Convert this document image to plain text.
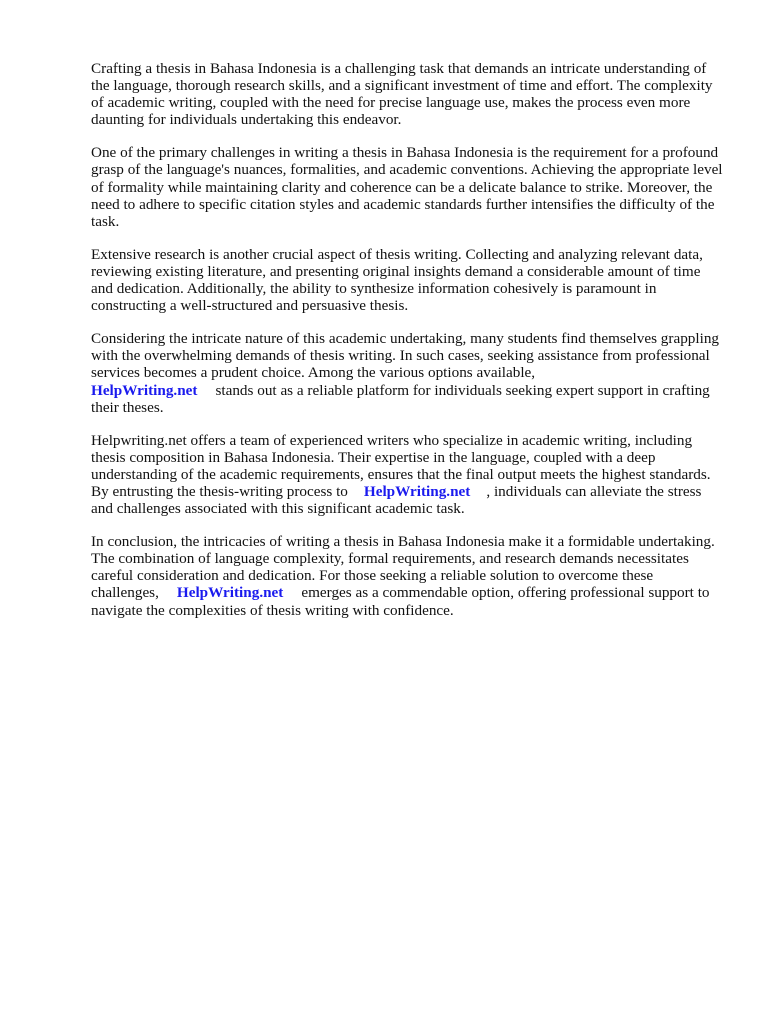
Crafting a thesis in Bahasa Indonesia is a challenging task that demands an intricate understanding of the language, thorough research skills, and a significant investment of time and effort. The complexity of academic writing, coupled with the need for precise language use, makes the process even more daunting for individuals undertaking this endeavor.

One of the primary challenges in writing a thesis in Bahasa Indonesia is the requirement for a profound grasp of the language's nuances, formalities, and academic conventions. Achieving the appropriate level of formality while maintaining clarity and coherence can be a delicate balance to strike. Moreover, the need to adhere to specific citation styles and academic standards further intensifies the difficulty of the task.

Extensive research is another crucial aspect of thesis writing. Collecting and analyzing relevant data, reviewing existing literature, and presenting original insights demand a considerable amount of time and dedication. Additionally, the ability to synthesize information cohesively is paramount in constructing a well-structured and persuasive thesis.

Considering the intricate nature of this academic undertaking, many students find themselves grappling with the overwhelming demands of thesis writing. In such cases, seeking assistance from professional services becomes a prudent choice. Among the various options available,
HelpWriting.net stands out as a reliable platform for individuals seeking expert support in crafting their theses.

Helpwriting.net offers a team of experienced writers who specialize in academic writing, including thesis composition in Bahasa Indonesia. Their expertise in the language, coupled with a deep understanding of the academic requirements, ensures that the final output meets the highest standards. By entrusting the thesis-writing process to HelpWriting.net , individuals can alleviate the stress and challenges associated with this significant academic task.

In conclusion, the intricacies of writing a thesis in Bahasa Indonesia make it a formidable undertaking. The combination of language complexity, formal requirements, and research demands necessitates careful consideration and dedication. For those seeking a reliable solution to overcome these challenges, HelpWriting.net emerges as a commendable option, offering professional support to navigate the complexities of thesis writing with confidence.
